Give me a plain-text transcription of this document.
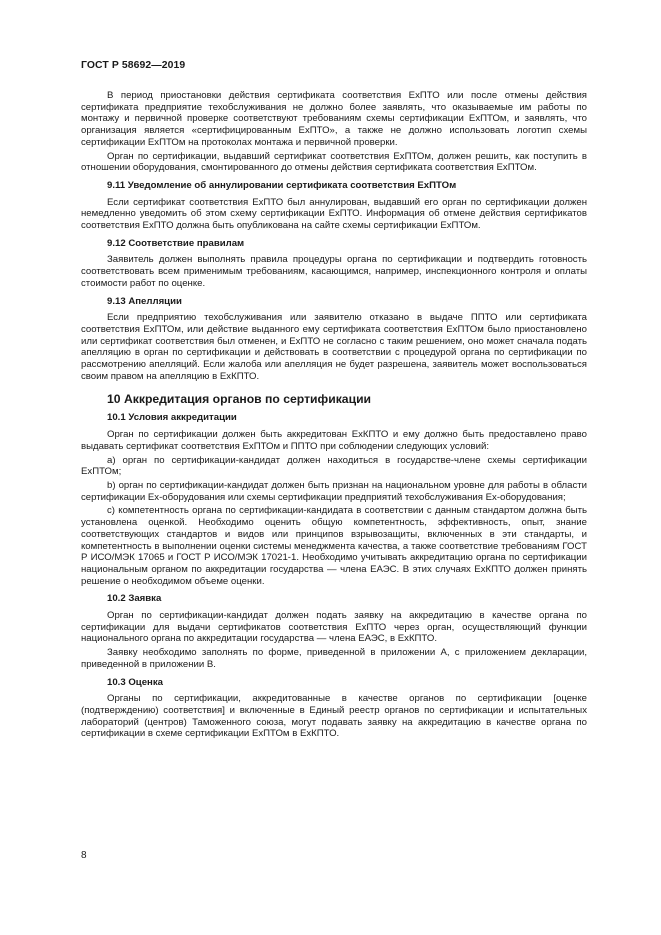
ГОСТ Р 58692—2019

В период приостановки действия сертификата соответствия ExПТО или после отмены действия сертификата предприятие техобслуживания не должно более заявлять, что оказываемые им работы по монтажу и первичной проверке соответствуют требованиям схемы сертификации ExПТОм, и заявлять, что организация является «сертифицированным ExПТО», а также не должно использовать логотип схемы сертификации ExПТОм на протоколах монтажа и первичной проверки.

Орган по сертификации, выдавший сертификат соответствия ExПТОм, должен решить, как поступить в отношении оборудования, смонтированного до отмены действия сертификата соответствия ExПТОм.

9.11 Уведомление об аннулировании сертификата соответствия ExПТОм

Если сертификат соответствия ExПТО был аннулирован, выдавший его орган по сертификации должен немедленно уведомить об этом схему сертификации ExПТО. Информация об отмене действия сертификатов соответствия ExПТО должна быть опубликована на сайте схемы сертификации ExПТОм.

9.12 Соответствие правилам

Заявитель должен выполнять правила процедуры органа по сертификации и подтвердить готовность соответствовать всем применимым требованиям, касающимся, например, инспекционного контроля и оплаты стоимости работ по оценке.

9.13 Апелляции

Если предприятию техобслуживания или заявителю отказано в выдаче ППТО или сертификата соответствия ExПТОм, или действие выданного ему сертификата соответствия ExПТОм было приостановлено или сертификат соответствия был отменен, и ExПТО не согласно с таким решением, оно может сначала подать апелляцию в орган по сертификации и действовать в соответствии с процедурой органа по сертификации по рассмотрению апелляций. Если жалоба или апелляция не будет разрешена, заявитель может воспользоваться своим правом на апелляцию в ExКПТО.

10 Аккредитация органов по сертификации
10.1 Условия аккредитации

Орган по сертификации должен быть аккредитован ExКПТО и ему должно быть предоставлено право выдавать сертификат соответствия ExПТОм и ППТО при соблюдении следующих условий:

a) орган по сертификации-кандидат должен находиться в государстве-члене схемы сертификации ExПТОм;

b) орган по сертификации-кандидат должен быть признан на национальном уровне для работы в области сертификации Ex-оборудования или схемы сертификации предприятий техобслуживания Ex-оборудования;

c) компетентность органа по сертификации-кандидата в соответствии с данным стандартом должна быть установлена оценкой. Необходимо оценить общую компетентность, эффективность, опыт, знание соответствующих стандартов и видов или принципов взрывозащиты, включенных в эти стандарты, и компетентность в выполнении оценки системы менеджмента качества, а также соответствие требованиям ГОСТ Р ИСО/МЭК 17065 и ГОСТ Р ИСО/МЭК 17021-1. Необходимо учитывать аккредитацию органа по сертификации национальным органом по аккредитации государства — члена ЕАЭС. В этих случаях ExКПТО должен принять решение о необходимом объеме оценки.

10.2 Заявка

Орган по сертификации-кандидат должен подать заявку на аккредитацию в качестве органа по сертификации для выдачи сертификатов соответствия ExПТО через орган, осуществляющий функции национального органа по аккредитации государства — члена ЕАЭС, в ExКПТО.

Заявку необходимо заполнять по форме, приведенной в приложении А, с приложением декларации, приведенной в приложении В.

10.3 Оценка

Органы по сертификации, аккредитованные в качестве органов по сертификации [оценке (подтверждению) соответствия] и включенные в Единый реестр органов по сертификации и испытательных лабораторий (центров) Таможенного союза, могут подавать заявку на аккредитацию в качестве органа по сертификации в схеме сертификации ExПТОм в ExКПТО.

8
